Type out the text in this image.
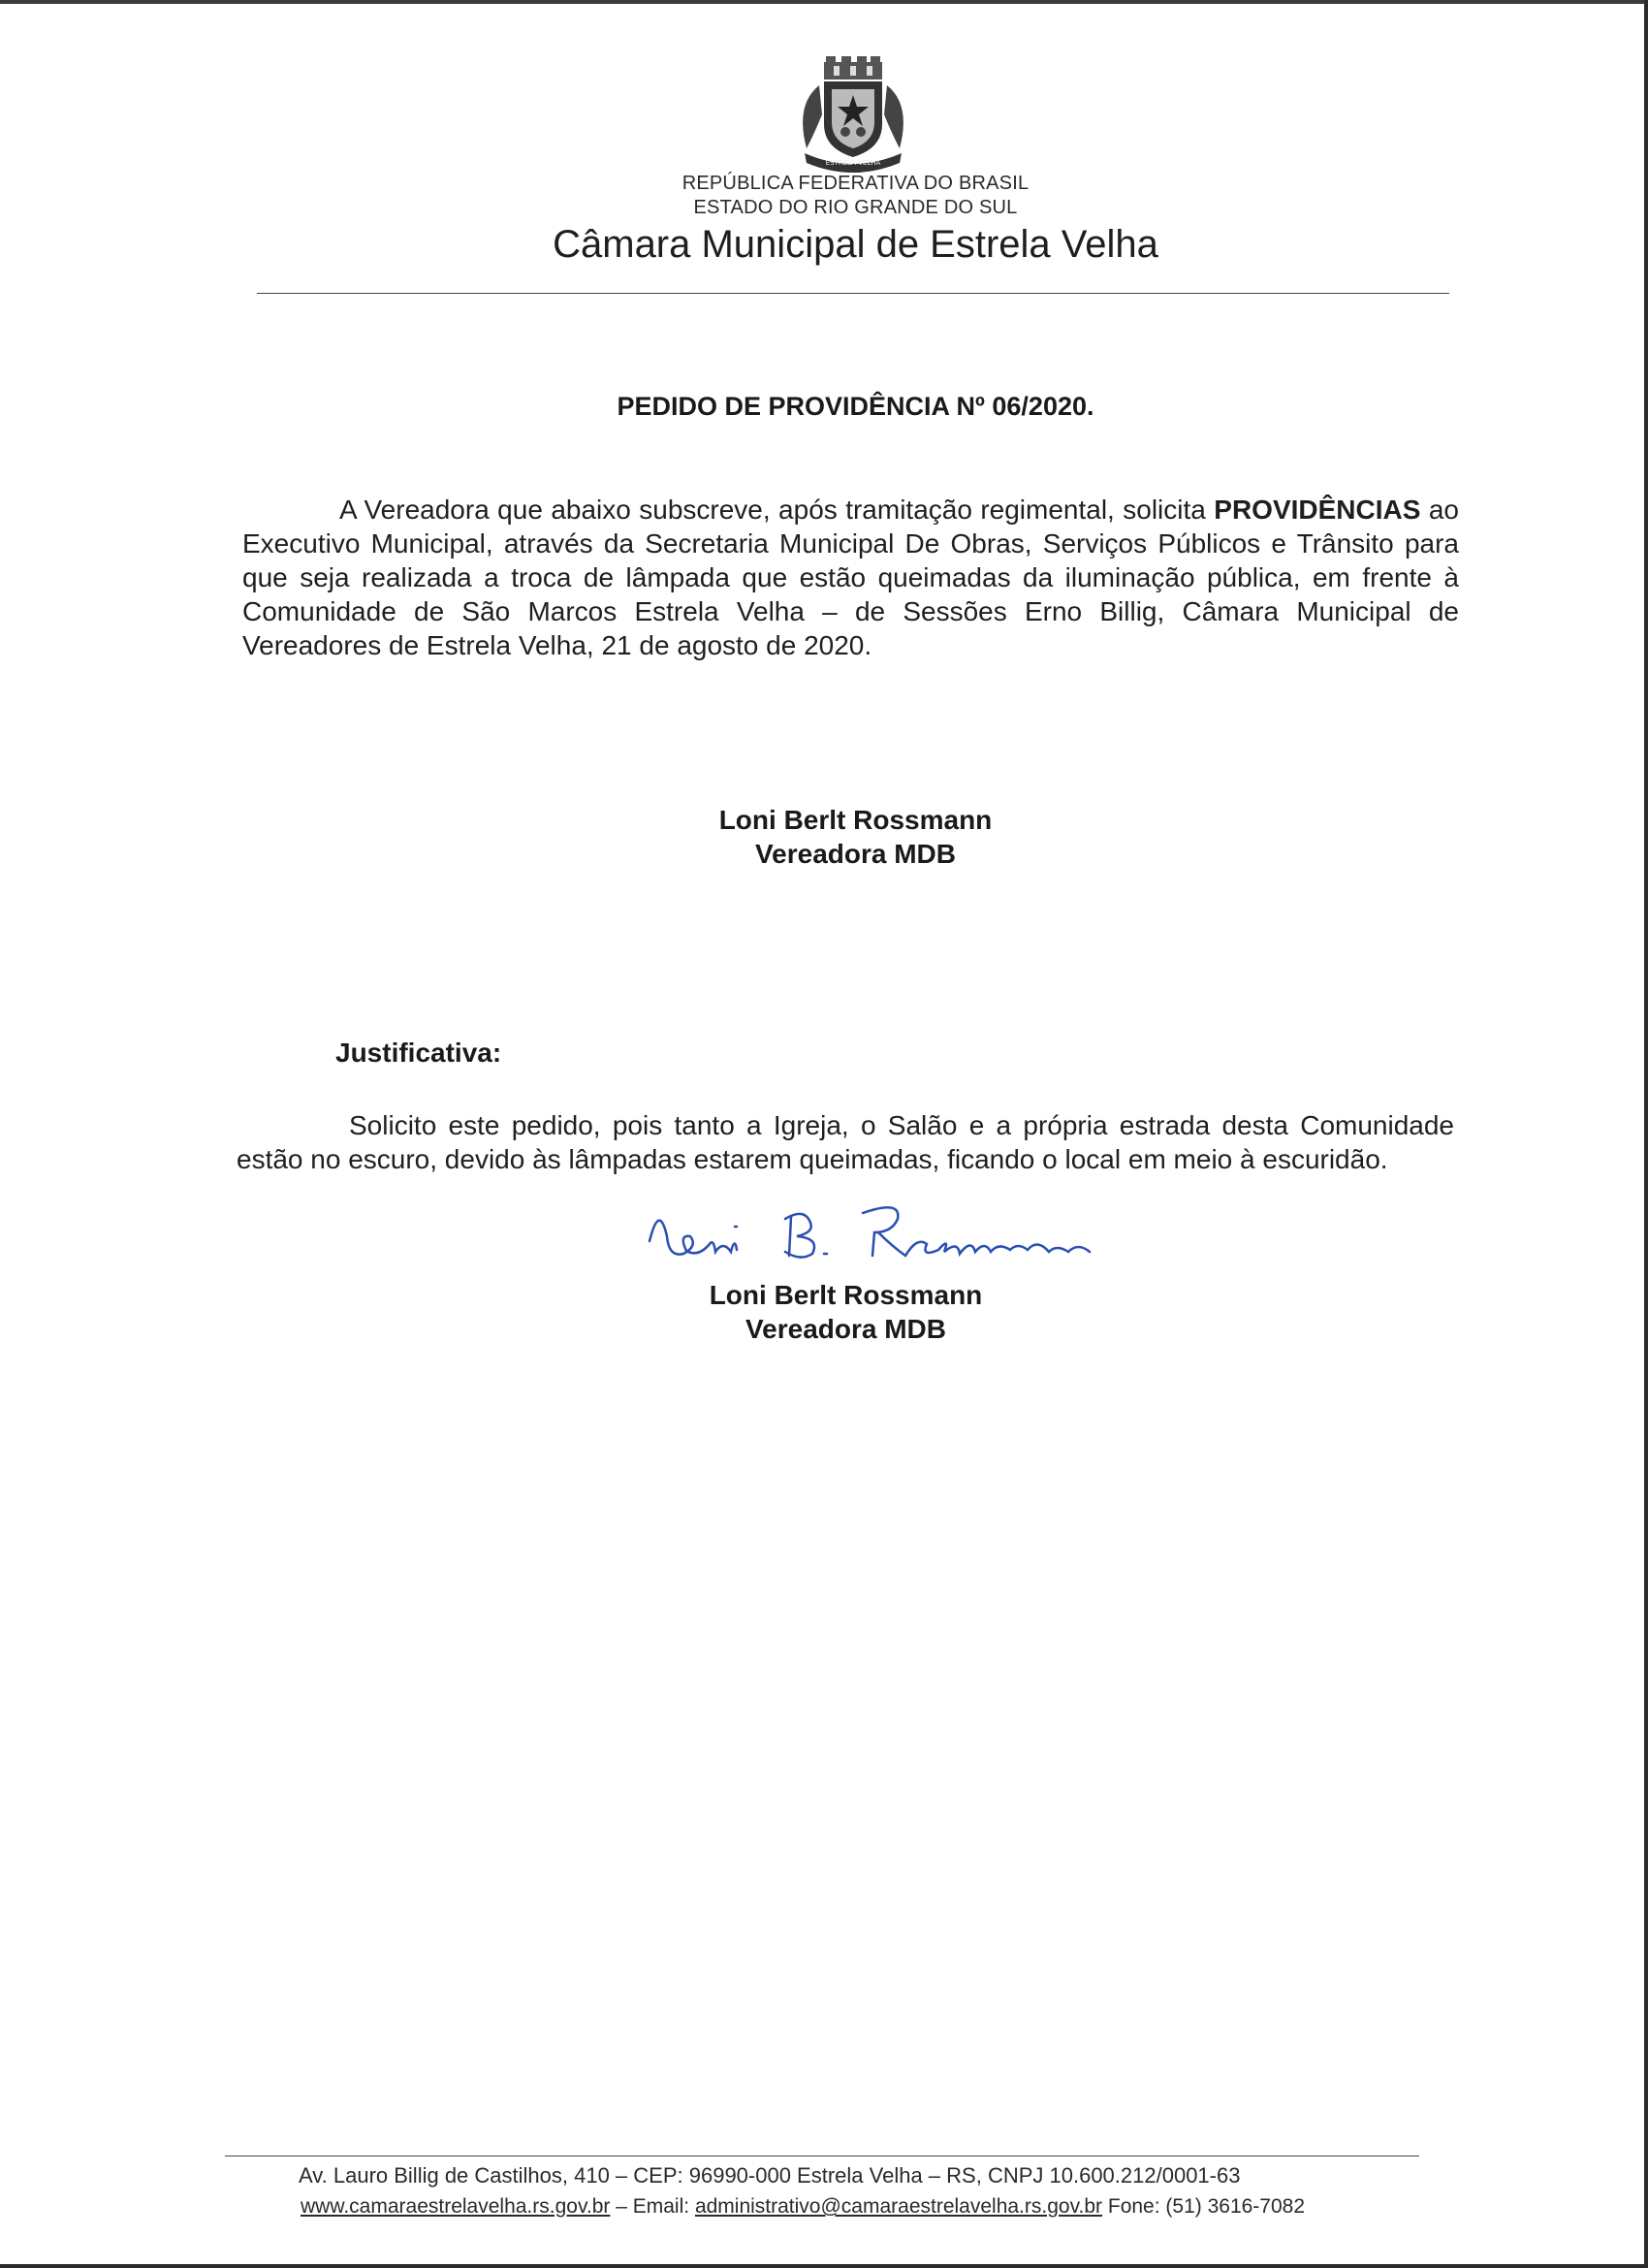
ESTRELA VELHA
REPÚBLICA FEDERATIVA DO BRASIL
ESTADO DO RIO GRANDE DO SUL
Câmara Municipal de Estrela Velha
PEDIDO DE PROVIDÊNCIA Nº 06/2020.

A Vereadora que abaixo subscreve, após tramitação regimental, solicita PROVIDÊNCIAS ao Executivo Municipal, através da Secretaria Municipal De Obras, Serviços Públicos e Trânsito para que seja realizada a troca de lâmpada que estão queimadas da iluminação pública, em frente à Comunidade de São Marcos Estrela Velha – de Sessões Erno Billig, Câmara Municipal de Vereadores de Estrela Velha, 21 de agosto de 2020.

Loni Berlt Rossmann
Vereadora MDB
Justificativa:

Solicito este pedido, pois tanto a Igreja, o Salão e a própria estrada desta Comunidade estão no escuro, devido às lâmpadas estarem queimadas, ficando o local em meio à escuridão.

Loni Berlt Rossmann
Vereadora MDB
Av. Lauro Billig de Castilhos, 410 – CEP: 96990-000 Estrela Velha – RS, CNPJ 10.600.212/0001-63
www.camaraestrelavelha.rs.gov.br – Email: administrativo@camaraestrelavelha.rs.gov.br Fone: (51) 3616-7082
